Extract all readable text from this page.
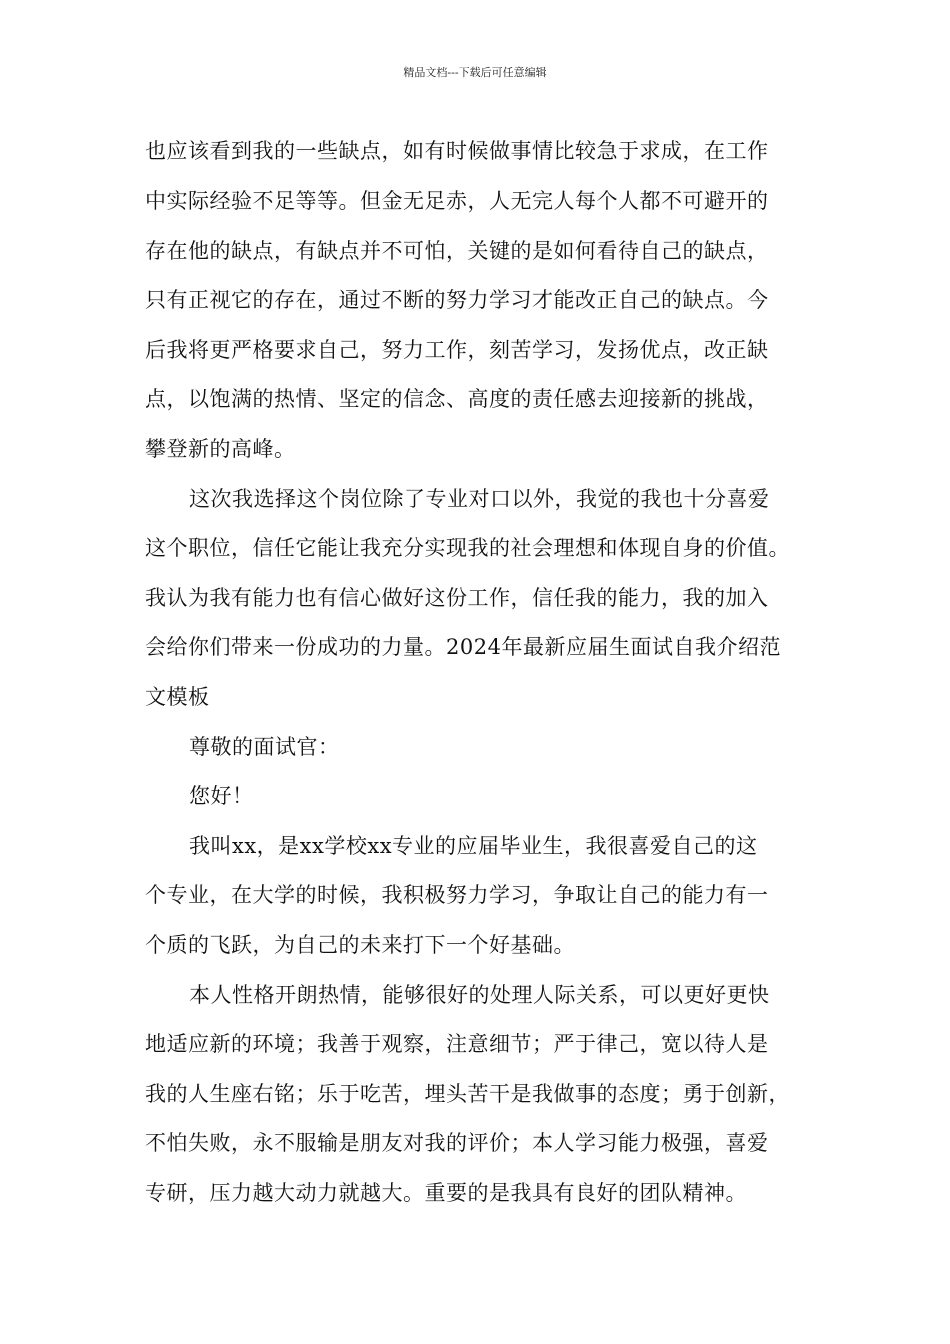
精品文档---下载后可任意编辑
也应该看到我的一些缺点，如有时候做事情比较急于求成，在工作
中实际经验不足等等。但金无足赤，人无完人每个人都不可避开的
存在他的缺点，有缺点并不可怕，关键的是如何看待自己的缺点，
只有正视它的存在，通过不断的努力学习才能改正自己的缺点。今
后我将更严格要求自己，努力工作，刻苦学习，发扬优点，改正缺
点，以饱满的热情、坚定的信念、高度的责任感去迎接新的挑战，
攀登新的高峰。
这次我选择这个岗位除了专业对口以外，我觉的我也十分喜爱
这个职位，信任它能让我充分实现我的社会理想和体现自身的价值。
我认为我有能力也有信心做好这份工作，信任我的能力，我的加入
会给你们带来一份成功的力量。2024年最新应届生面试自我介绍范
文模板
尊敬的面试官：
您好！
我叫xx，是xx学校xx专业的应届毕业生，我很喜爱自己的这
个专业，在大学的时候，我积极努力学习，争取让自己的能力有一
个质的飞跃，为自己的未来打下一个好基础。
本人性格开朗热情，能够很好的处理人际关系，可以更好更快
地适应新的环境；我善于观察，注意细节；严于律己，宽以待人是
我的人生座右铭；乐于吃苦，埋头苦干是我做事的态度；勇于创新，
不怕失败，永不服输是朋友对我的评价；本人学习能力极强，喜爱
专研，压力越大动力就越大。重要的是我具有良好的团队精神。
